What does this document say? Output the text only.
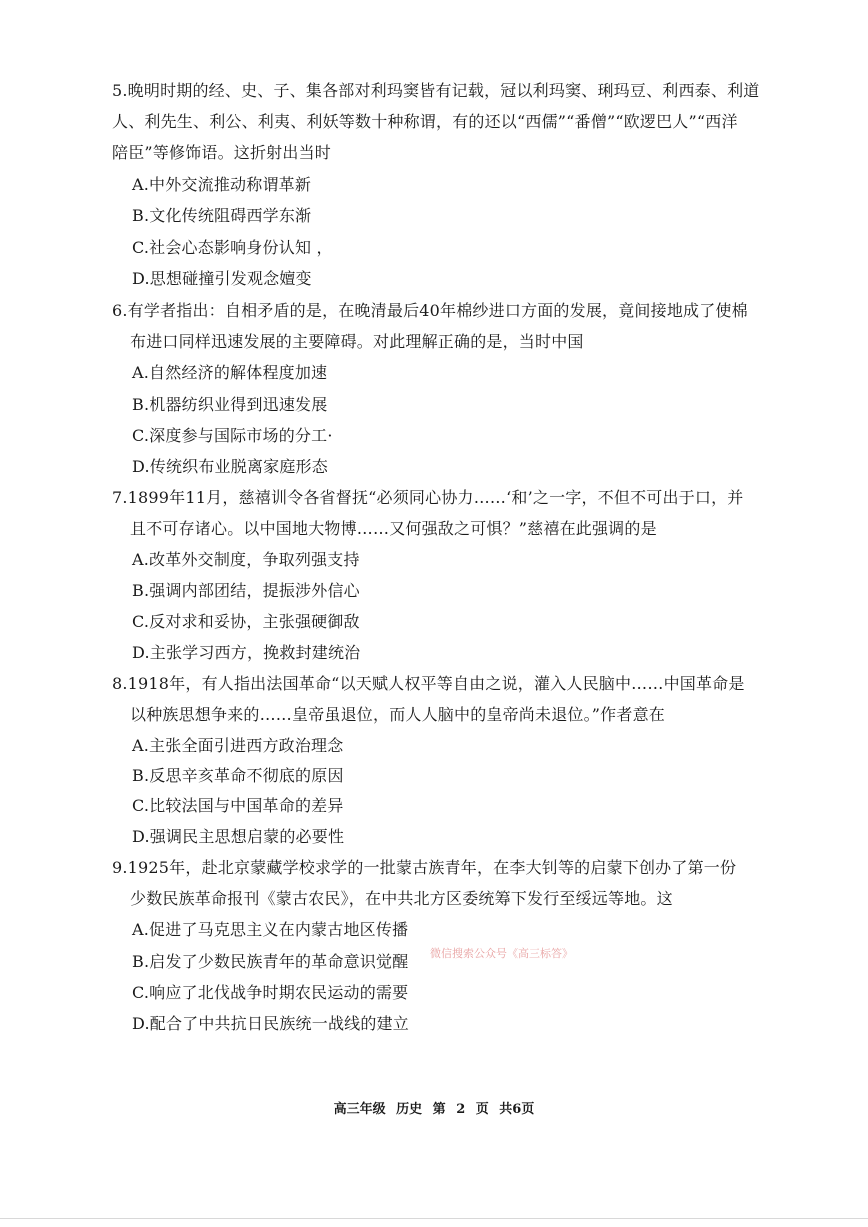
5.晚明时期的经、史、子、集各部对利玛窦皆有记载，冠以利玛窦、琍玛豆、利西泰、利道
人、利先生、利公、利夷、利妖等数十种称谓，有的还以“西儒”“番僧”“欧逻巴人”“西洋
陪臣”等修饰语。这折射出当时
A.中外交流推动称谓革新
B.文化传统阻碍西学东渐
C.社会心态影响身份认知 ，
D.思想碰撞引发观念嬗变
6.有学者指出：自相矛盾的是，在晚清最后40年棉纱进口方面的发展，竟间接地成了使棉
布进口同样迅速发展的主要障碍。对此理解正确的是，当时中国
A.自然经济的解体程度加速
B.机器纺织业得到迅速发展
C.深度参与国际市场的分工·
D.传统织布业脱离家庭形态
7.1899年11月，慈禧训令各省督抚“必须同心协力……‘和’之一字，不但不可出于口，并
且不可存诸心。以中国地大物博……又何强敌之可惧？”慈禧在此强调的是
A.改革外交制度，争取列强支持
B.强调内部团结，提振涉外信心
C.反对求和妥协，主张强硬御敌
D.主张学习西方，挽救封建统治
8.1918年，有人指出法国革命“以天赋人权平等自由之说，灌入人民脑中……中国革命是
以种族思想争来的……皇帝虽退位，而人人脑中的皇帝尚未退位。”作者意在
A.主张全面引进西方政治理念
B.反思辛亥革命不彻底的原因
C.比较法国与中国革命的差异
D.强调民主思想启蒙的必要性
9.1925年，赴北京蒙藏学校求学的一批蒙古族青年，在李大钊等的启蒙下创办了第一份
少数民族革命报刊《蒙古农民》，在中共北方区委统筹下发行至绥远等地。这
A.促进了马克思主义在内蒙古地区传播
B.启发了少数民族青年的革命意识觉醒
C.响应了北伐战争时期农民运动的需要
D.配合了中共抗日民族统一战线的建立
微信搜索公众号《高三标答》
高三年级 历史 第 2 页 共6页
